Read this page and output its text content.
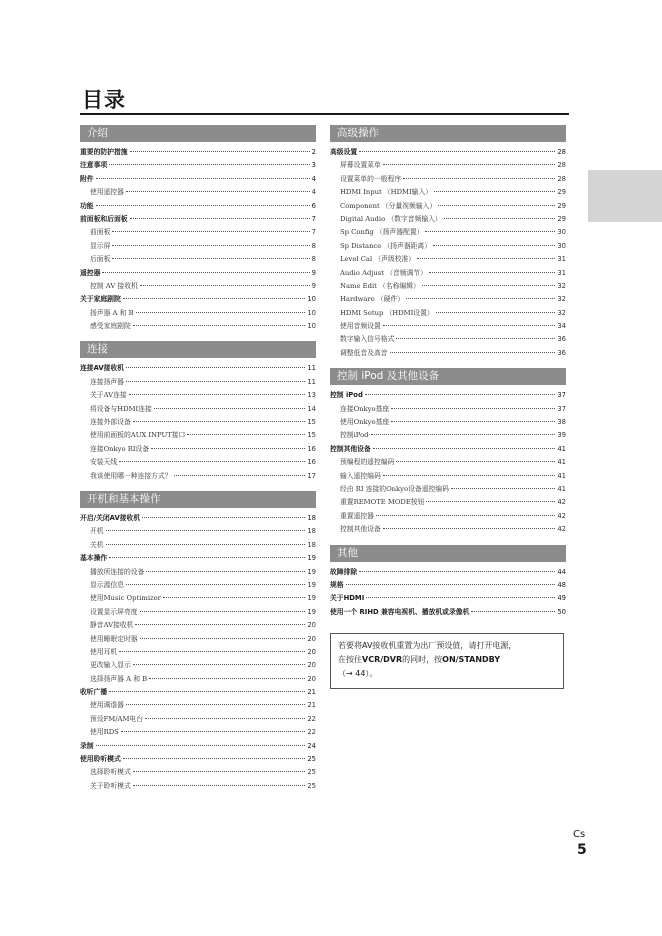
目录
介绍
重要的防护措施	2
注意事项	3
附件	4
使用遥控器	4
功能	6
前面板和后面板	7
前面板	7
显示屏	8
后面板	8
遥控器	9
控制 AV 接收机	9
关于家庭剧院	10
扬声器 A 和 B	10
感受家庭剧院	10
连接
连接AV接收机	11
连接扬声器	11
关于AV连接	13
将设备与HDMI连接	14
连接外部设备	15
使用前面板的AUX INPUT接口	15
连接Onkyo RI设备	16
安装天线	16
我该使用哪一种连接方式？	17
开机和基本操作
开启/关闭AV接收机	18
开机	18
关机	18
基本操作	19
播放所连接的设备	19
显示源信息	19
使用Music Optimizer	19
设置显示屏亮度	19
静音AV接收机	20
使用睡眠定时器	20
使用耳机	20
更改输入显示	20
选择扬声器 A 和 B	20
收听广播	21
使用调谐器	21
预设FM/AM电台	22
使用RDS	22
录制	24
使用聆听模式	25
选择聆听模式	25
关于聆听模式	25
高级操作
高级设置	28
屏幕设置菜单	28
设置菜单的一般程序	28
HDMI Input （HDMI输入）	29
Component （分量视频输入）	29
Digital Audio （数字音频输入）	29
Sp Config （扬声器配置）	30
Sp Distance （扬声器距离）	30
Level Cal （声级校准）	31
Audio Adjust （音频调节）	31
Name Edit （名称编辑）	32
Hardware （硬件）	32
HDMI Setup （HDMI设置）	32
使用音频设置	34
数字输入信号格式	36
调整低音及高音	36
控制 iPod 及其他设备
控制 iPod	37
连接Onkyo基座	37
使用Onkyo基座	38
控制iPod	39
控制其他设备	41
预编程的遥控编码	41
输入遥控编码	41
经由 RI 连接的Onkyo设备遥控编码	41
重置REMOTE MODE按钮	42
重置遥控器	42
控制其他设备	42
其他
故障排除	44
规格	48
关于HDMI	49
使用一个 RIHD 兼容电视机、播放机或录像机	50
若要将AV接收机重置为出厂预设值，请打开电源，
在按住VCR/DVR的同时，按ON/STANDBY
（→ 44）。
Cs
5
